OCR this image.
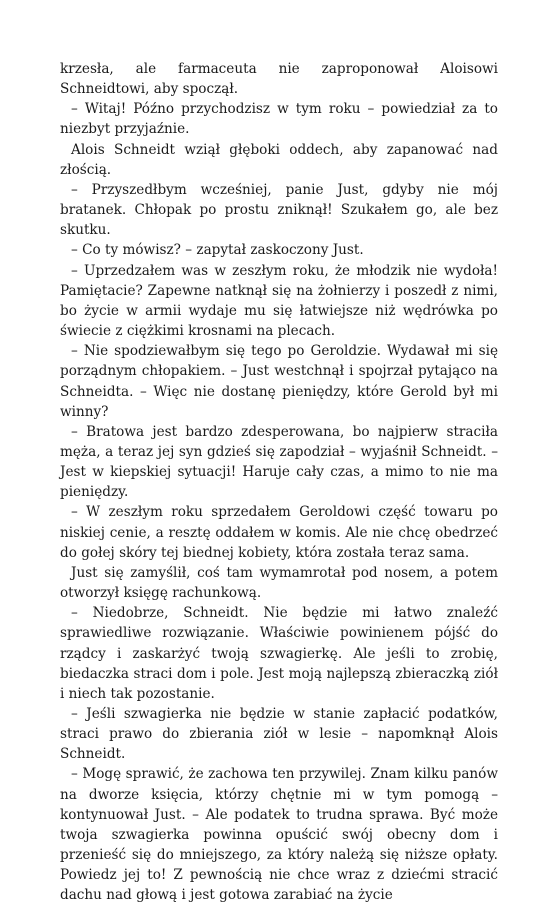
krzesła, ale farmaceuta nie zaproponował Aloisowi Schneidtowi, aby spoczął.

– Witaj! Późno przychodzisz w tym roku – powiedział za to niezbyt przyjaźnie.

Alois Schneidt wziął głęboki oddech, aby zapanować nad złością.

– Przyszedłbym wcześniej, panie Just, gdyby nie mój bratanek. Chłopak po prostu zniknął! Szukałem go, ale bez skutku.

– Co ty mówisz? – zapytał zaskoczony Just.

– Uprzedzałem was w zeszłym roku, że młodzik nie wydoła! Pamiętacie? Zapewne natknął się na żołnierzy i poszedł z nimi, bo życie w armii wydaje mu się łatwiejsze niż wędrówka po świecie z ciężkimi krosnami na plecach.

– Nie spodziewałbym się tego po Geroldzie. Wydawał mi się porządnym chłopakiem. – Just westchnął i spojrzał pytająco na Schneidta. – Więc nie dostanę pieniędzy, które Gerold był mi winny?

– Bratowa jest bardzo zdesperowana, bo najpierw straciła męża, a teraz jej syn gdzieś się zapodział – wyjaśnił Schneidt. – Jest w kiepskiej sytuacji! Haruje cały czas, a mimo to nie ma pieniędzy.

– W zeszłym roku sprzedałem Geroldowi część towaru po niskiej cenie, a resztę oddałem w komis. Ale nie chcę obedrzeć do gołej skóry tej biednej kobiety, która została teraz sama.

Just się zamyślił, coś tam wymamrotał pod nosem, a potem otworzył księgę rachunkową.

– Niedobrze, Schneidt. Nie będzie mi łatwo znaleźć sprawiedliwe rozwiązanie. Właściwie powinienem pójść do rządcy i zaskarżyć twoją szwagierkę. Ale jeśli to zrobię, biedaczka straci dom i pole. Jest moją najlepszą zbieraczką ziół i niech tak pozostanie.

– Jeśli szwagierka nie będzie w stanie zapłacić podatków, straci prawo do zbierania ziół w lesie – napomknął Alois Schneidt.

– Mogę sprawić, że zachowa ten przywilej. Znam kilku panów na dworze księcia, którzy chętnie mi w tym pomogą – kontynuował Just. – Ale podatek to trudna sprawa. Być może twoja szwagierka powinna opuścić swój obecny dom i przenieść się do mniejszego, za który należą się niższe opłaty. Powiedz jej to! Z pewnością nie chce wraz z dziećmi stracić dachu nad głową i jest gotowa zarabiać na życie
